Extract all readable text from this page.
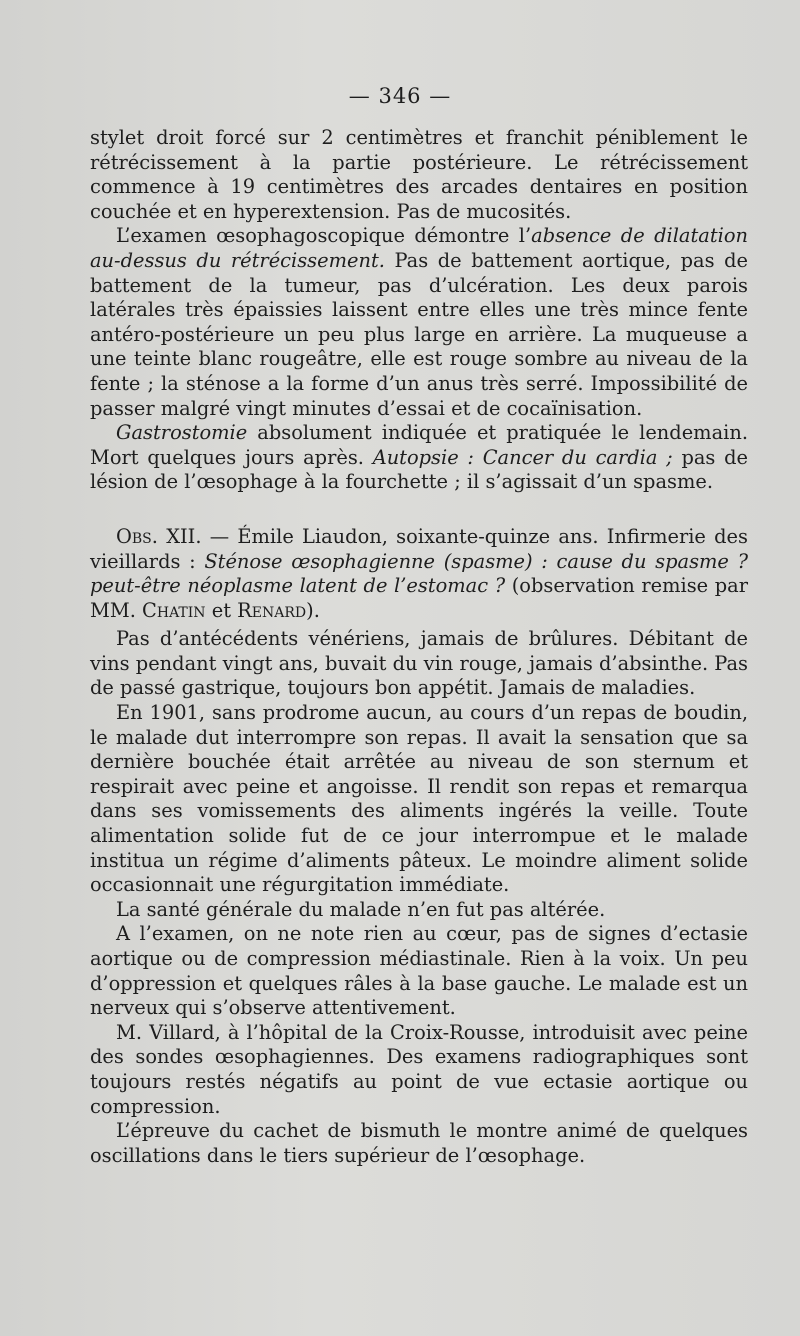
— 346 —

stylet droit forcé sur 2 centimètres et franchit péniblement le rétrécissement à la partie postérieure. Le rétrécissement commence à 19 centimètres des arcades dentaires en position couchée et en hyperextension. Pas de mucosités.

L’examen œsophagoscopique démontre l’absence de dilatation au-dessus du rétrécissement. Pas de battement aortique, pas de battement de la tumeur, pas d’ulcération. Les deux parois latérales très épaissies laissent entre elles une très mince fente antéro-postérieure un peu plus large en arrière. La muqueuse a une teinte blanc rougeâtre, elle est rouge sombre au niveau de la fente ; la sténose a la forme d’un anus très serré. Impossibilité de passer malgré vingt minutes d’essai et de cocaïnisation.

Gastrostomie absolument indiquée et pratiquée le lendemain. Mort quelques jours après. Autopsie : Cancer du cardia ; pas de lésion de l’œsophage à la fourchette ; il s’agissait d’un spasme.

Obs. XII. — Émile Liaudon, soixante-quinze ans. Infirmerie des vieillards : Sténose œsophagienne (spasme) : cause du spasme ? peut-être néoplasme latent de l’estomac ? (observation remise par MM. Chatin et Renard).

Pas d’antécédents vénériens, jamais de brûlures. Débitant de vins pendant vingt ans, buvait du vin rouge, jamais d’absinthe. Pas de passé gastrique, toujours bon appétit. Jamais de maladies.

En 1901, sans prodrome aucun, au cours d’un repas de boudin, le malade dut interrompre son repas. Il avait la sensation que sa dernière bouchée était arrêtée au niveau de son sternum et respirait avec peine et angoisse. Il rendit son repas et remarqua dans ses vomissements des aliments ingérés la veille. Toute alimentation solide fut de ce jour interrompue et le malade institua un régime d’aliments pâteux. Le moindre aliment solide occasionnait une régurgitation immédiate.

La santé générale du malade n’en fut pas altérée.

A l’examen, on ne note rien au cœur, pas de signes d’ectasie aortique ou de compression médiastinale. Rien à la voix. Un peu d’oppression et quelques râles à la base gauche. Le malade est un nerveux qui s’observe attentivement.

M. Villard, à l’hôpital de la Croix-Rousse, introduisit avec peine des sondes œsophagiennes. Des examens radiographiques sont toujours restés négatifs au point de vue ectasie aortique ou compression.

L’épreuve du cachet de bismuth le montre animé de quelques oscillations dans le tiers supérieur de l’œsophage.
